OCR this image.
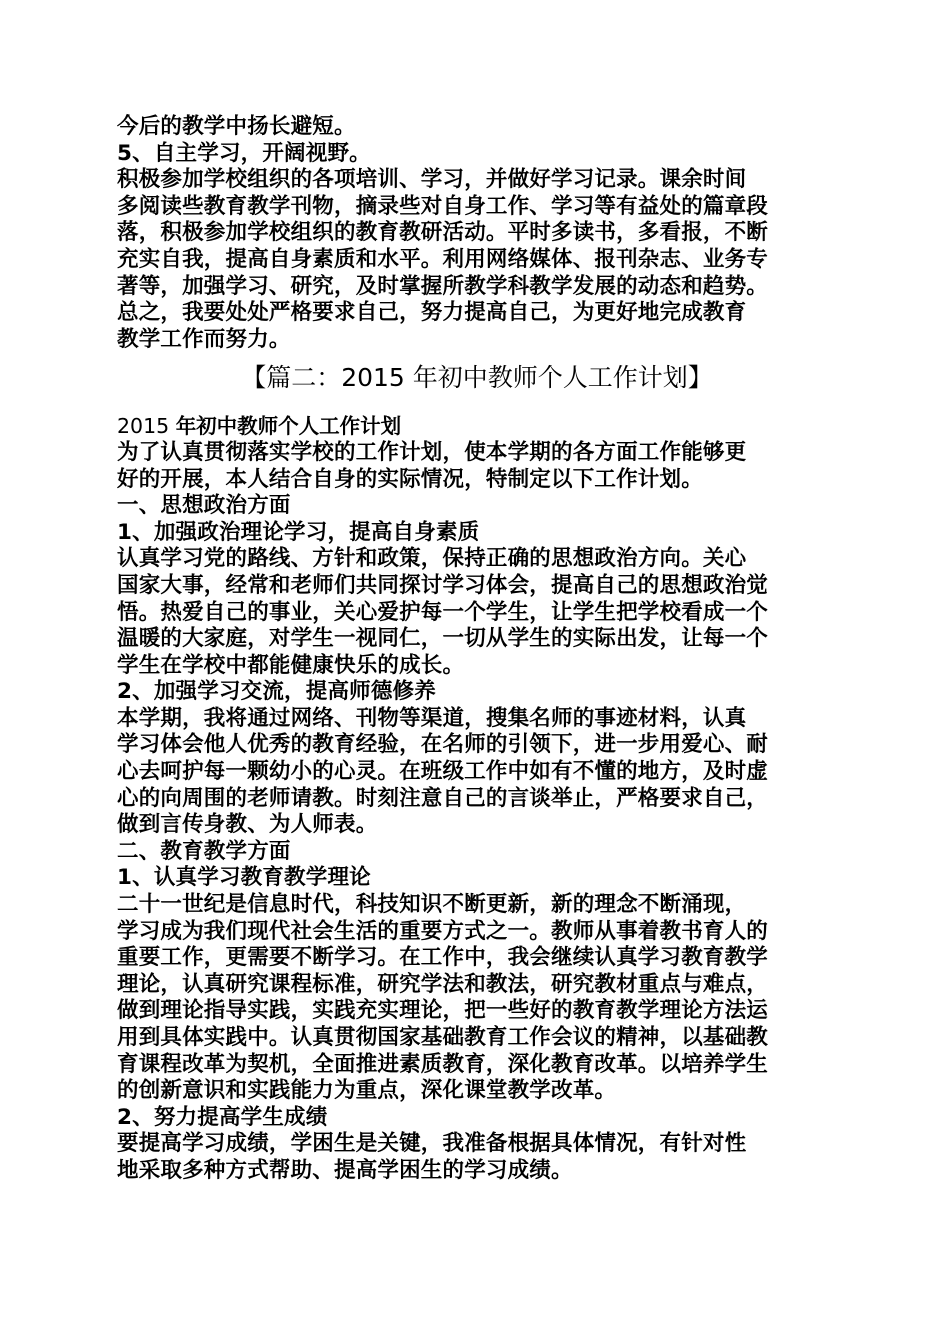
今后的教学中扬长避短。

5、自主学习，开阔视野。

积极参加学校组织的各项培训、学习，并做好学习记录。课余时间

多阅读些教育教学刊物，摘录些对自身工作、学习等有益处的篇章段

落，积极参加学校组织的教育教研活动。平时多读书，多看报，不断

充实自我，提高自身素质和水平。利用网络媒体、报刊杂志、业务专

著等，加强学习、研究，及时掌握所教学科教学发展的动态和趋势。

总之，我要处处严格要求自己，努力提高自己，为更好地完成教育

教学工作而努力。

【篇二：2015 年初中教师个人工作计划】
2015 年初中教师个人工作计划

为了认真贯彻落实学校的工作计划，使本学期的各方面工作能够更

好的开展，本人结合自身的实际情况，特制定以下工作计划。

一、思想政治方面

1、加强政治理论学习，提高自身素质

认真学习党的路线、方针和政策，保持正确的思想政治方向。关心

国家大事，经常和老师们共同探讨学习体会，提高自己的思想政治觉

悟。热爱自己的事业，关心爱护每一个学生，让学生把学校看成一个

温暖的大家庭，对学生一视同仁，一切从学生的实际出发，让每一个

学生在学校中都能健康快乐的成长。

2、加强学习交流，提高师德修养

本学期，我将通过网络、刊物等渠道，搜集名师的事迹材料，认真

学习体会他人优秀的教育经验，在名师的引领下，进一步用爱心、耐

心去呵护每一颗幼小的心灵。在班级工作中如有不懂的地方，及时虚

心的向周围的老师请教。时刻注意自己的言谈举止，严格要求自己，

做到言传身教、为人师表。

二、教育教学方面

1、认真学习教育教学理论

二十一世纪是信息时代，科技知识不断更新，新的理念不断涌现，

学习成为我们现代社会生活的重要方式之一。教师从事着教书育人的

重要工作，更需要不断学习。在工作中，我会继续认真学习教育教学

理论，认真研究课程标准，研究学法和教法，研究教材重点与难点，

做到理论指导实践，实践充实理论，把一些好的教育教学理论方法运

用到具体实践中。认真贯彻国家基础教育工作会议的精神，以基础教

育课程改革为契机，全面推进素质教育，深化教育改革。以培养学生

的创新意识和实践能力为重点，深化课堂教学改革。

2、努力提高学生成绩

要提高学习成绩，学困生是关键，我准备根据具体情况，有针对性

地采取多种方式帮助、提高学困生的学习成绩。
